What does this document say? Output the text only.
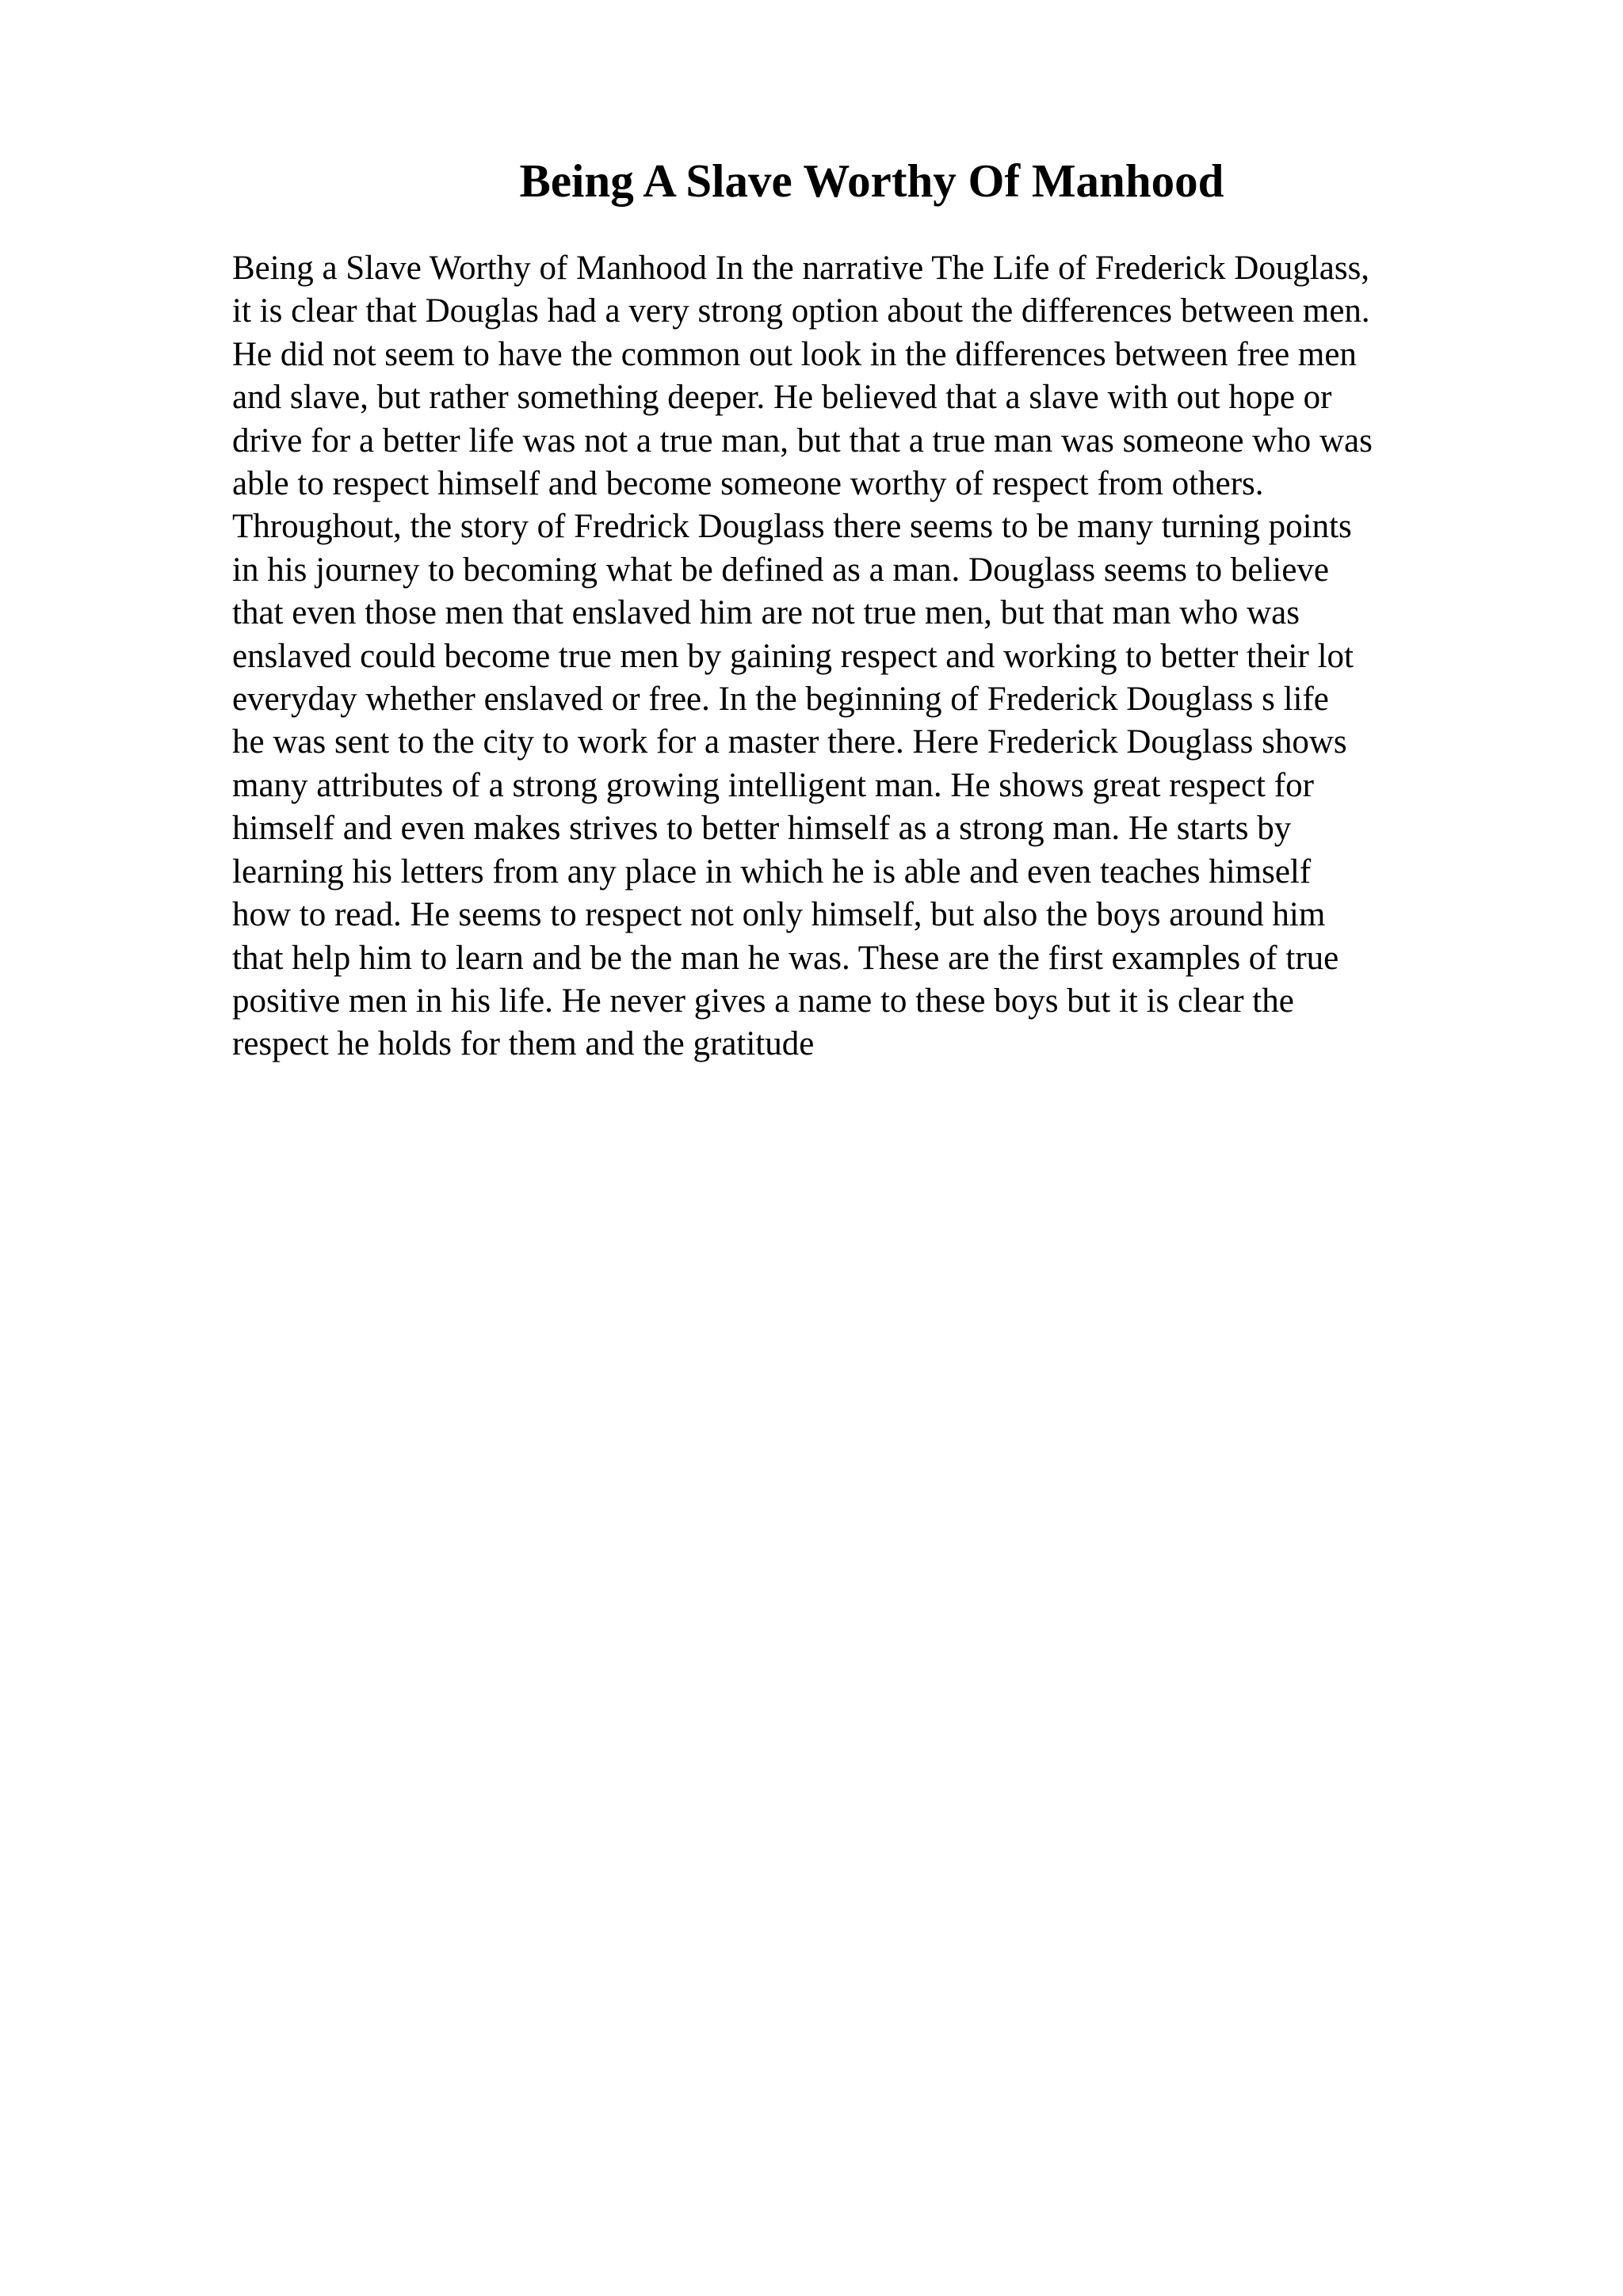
Being A Slave Worthy Of Manhood
Being a Slave Worthy of Manhood In the narrative The Life of Frederick Douglass,
it is clear that Douglas had a very strong option about the differences between men.
He did not seem to have the common out look in the differences between free men
and slave, but rather something deeper. He believed that a slave with out hope or
drive for a better life was not a true man, but that a true man was someone who was
able to respect himself and become someone worthy of respect from others.
Throughout, the story of Fredrick Douglass there seems to be many turning points
in his journey to becoming what be defined as a man. Douglass seems to believe
that even those men that enslaved him are not true men, but that man who was
enslaved could become true men by gaining respect and working to better their lot
everyday whether enslaved or free. In the beginning of Frederick Douglass s life
he was sent to the city to work for a master there. Here Frederick Douglass shows
many attributes of a strong growing intelligent man. He shows great respect for
himself and even makes strives to better himself as a strong man. He starts by
learning his letters from any place in which he is able and even teaches himself
how to read. He seems to respect not only himself, but also the boys around him
that help him to learn and be the man he was. These are the first examples of true
positive men in his life. He never gives a name to these boys but it is clear the
respect he holds for them and the gratitude
